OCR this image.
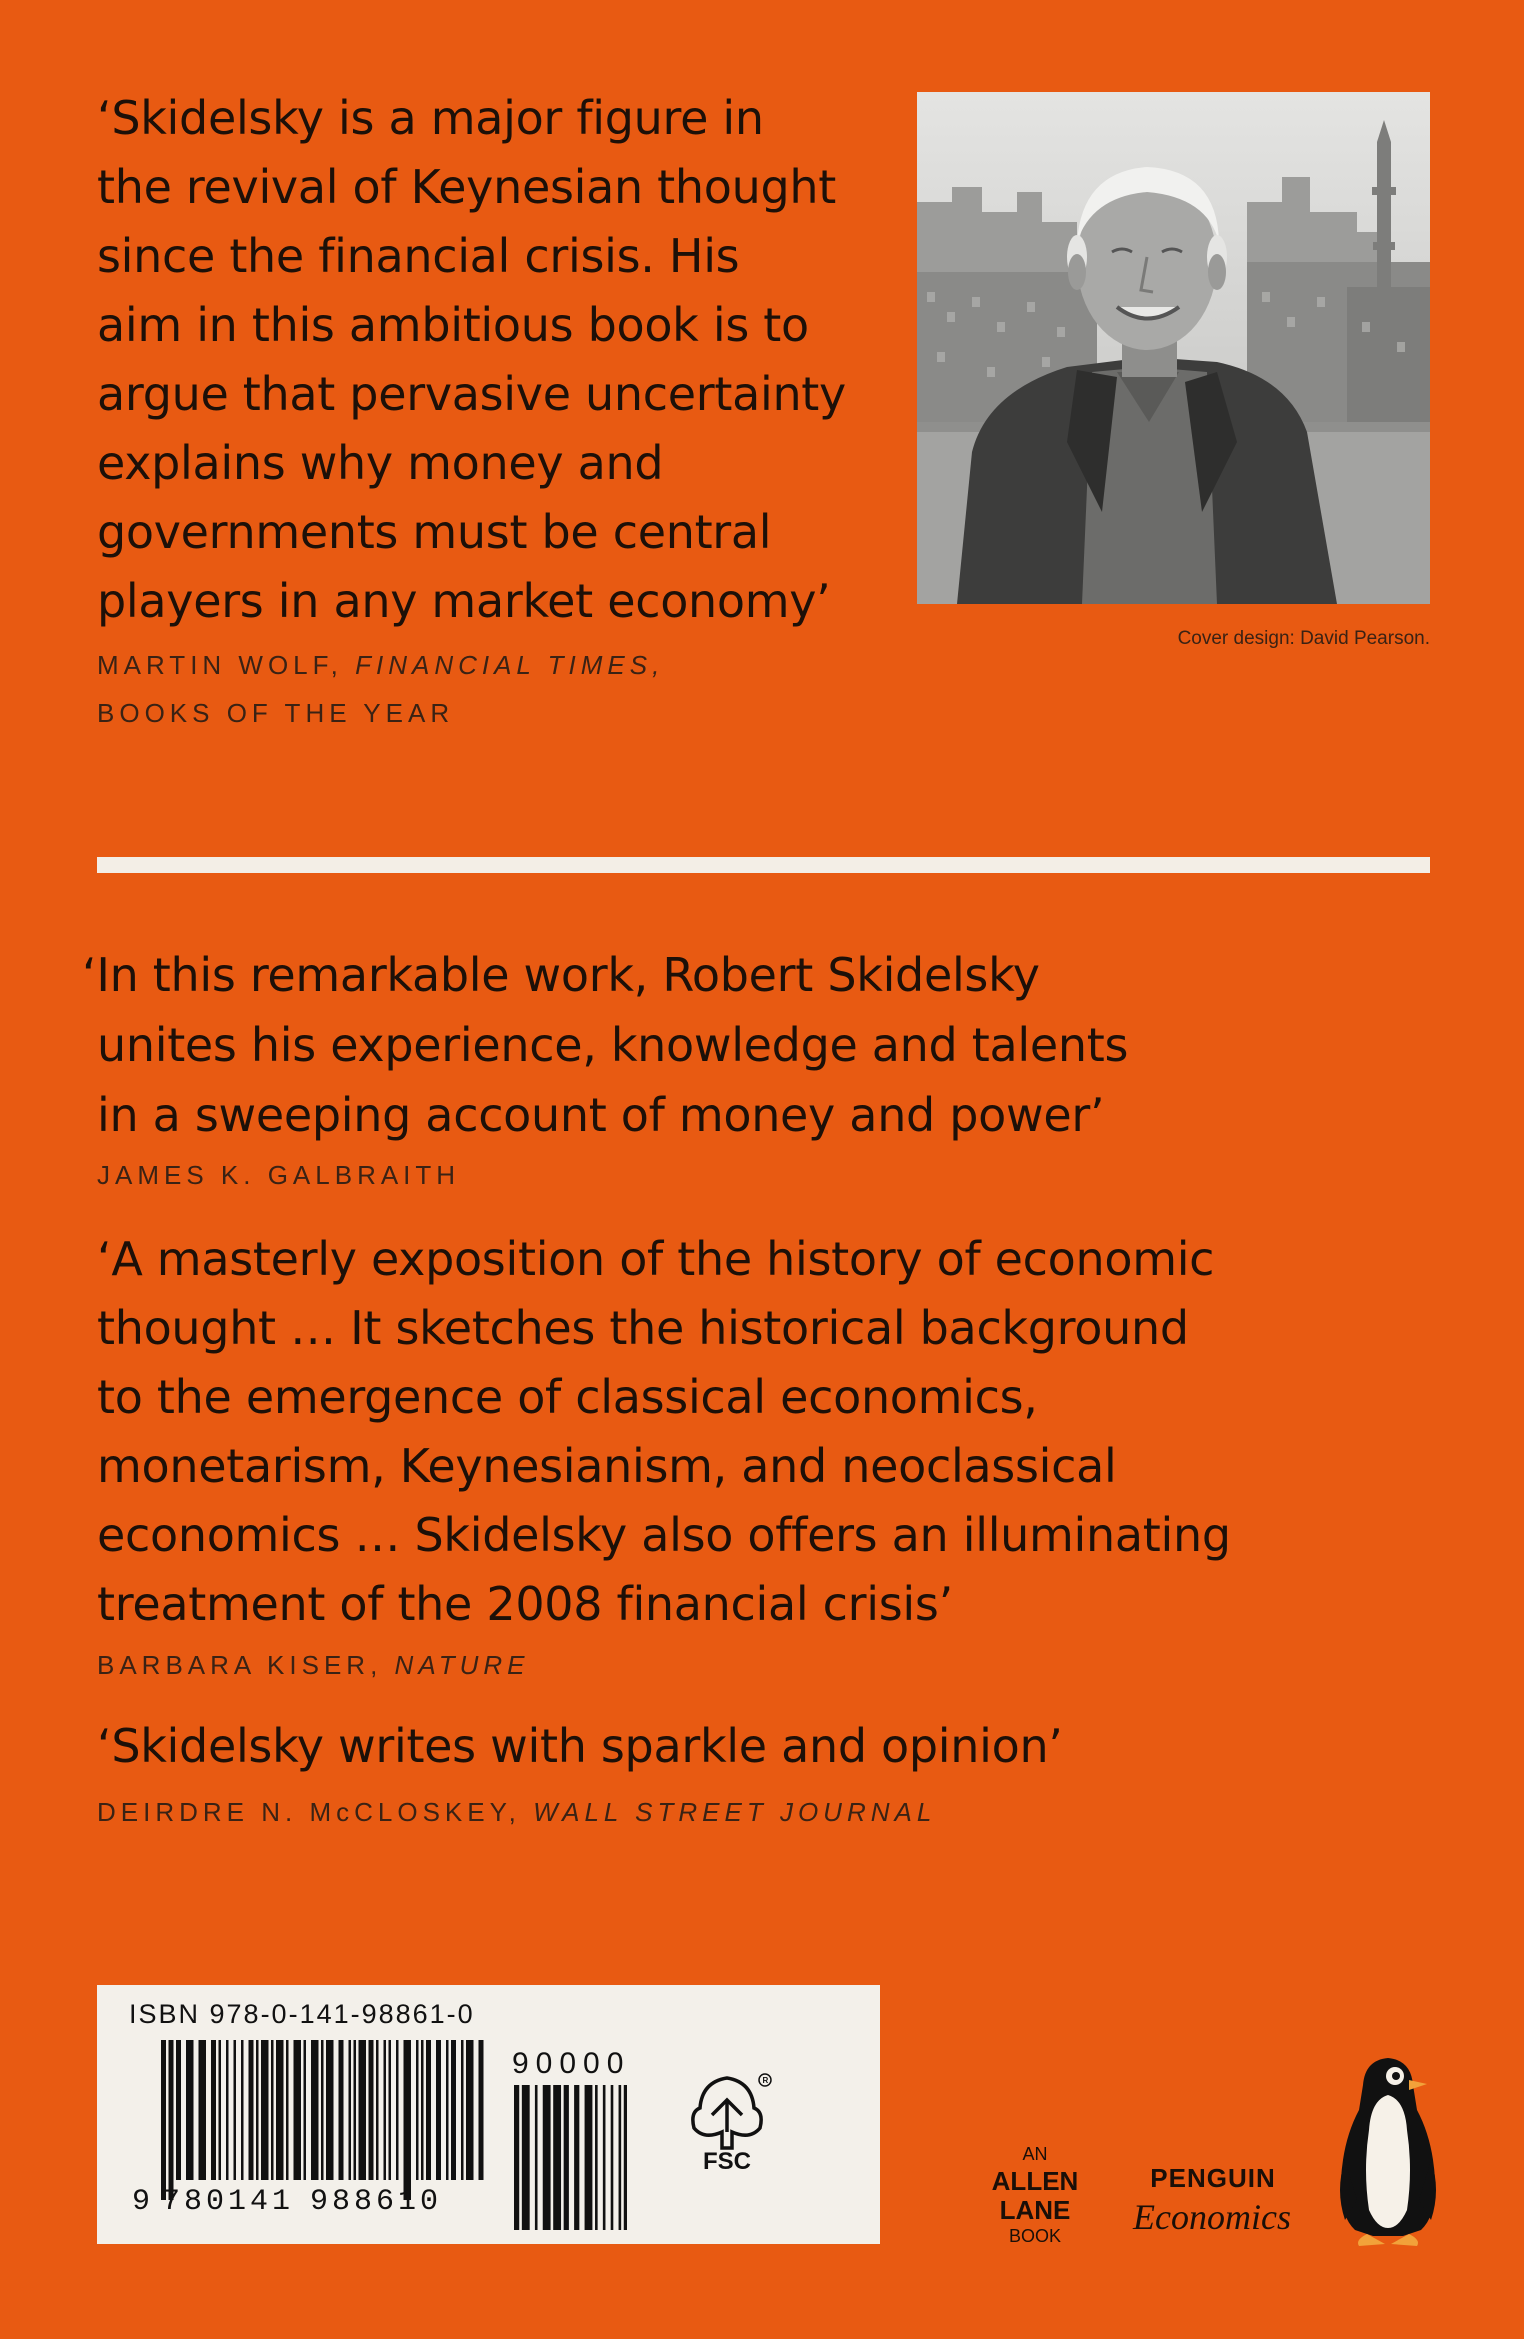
‘Skidelsky is a major figure in
the revival of Keynesian thought
since the financial crisis. His
aim in this ambitious book is to
argue that pervasive uncertainty
explains why money and
governments must be central
players in any market economy’
MARTIN WOLF, FINANCIAL TIMES,
BOOKS OF THE YEAR
Cover design: David Pearson.
‘In this remarkable work, Robert Skidelsky
unites his experience, knowledge and talents
in a sweeping account of money and power’
JAMES K. GALBRAITH
‘A masterly exposition of the history of economic
thought … It sketches the historical background
to the emergence of classical economics,
monetarism, Keynesianism, and neoclassical
economics … Skidelsky also offers an illuminating
treatment of the 2008 financial crisis’
BARBARA KISER, NATURE
‘Skidelsky writes with sparkle and opinion’
DEIRDRE N. McCLOSKEY, WALL STREET JOURNAL
ISBN 978-0-141-98861-0
90000
9 780141 988610
R
FSC	AN
ALLEN
LANE
BOOK
PENGUIN
Economics
